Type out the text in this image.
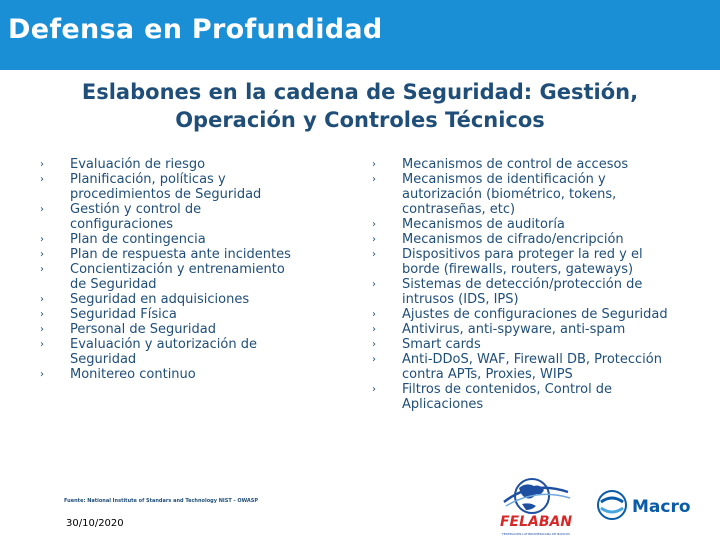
Defensa en Profundidad
Eslabones en la cadena de Seguridad: Gestión,
Operación y Controles Técnicos
›	Evaluación de riesgo
›	Planificación, políticas y procedimientos de Seguridad
›	Gestión y control de configuraciones
›	Plan de contingencia
›	Plan de respuesta ante incidentes
›	Concientización y entrenamiento de Seguridad
›	Seguridad en adquisiciones
›	Seguridad Física
›	Personal de Seguridad
›	Evaluación y autorización de Seguridad
›	Monitereo continuo
›	Mecanismos de control de accesos
›	Mecanismos de identificación y autorización (biométrico, tokens, contraseñas, etc)
›	Mecanismos de auditoría
›	Mecanismos de cifrado/encripción
›	Dispositivos para proteger la red y el borde (firewalls, routers, gateways)
›	Sistemas de detección/protección de intrusos (IDS, IPS)
›	Ajustes de configuraciones de Seguridad
›	Antivirus, anti-spyware, anti-spam
›	Smart cards
›	Anti-DDoS, WAF, Firewall DB, Protección contra APTs, Proxies, WIPS
›	Filtros de contenidos, Control de Aplicaciones
Fuente: National Institute of Standars and Technology NIST - OWASP
30/10/2020	FELABAN
FEDERACIÓN LATINOAMERICANA DE BANCOS
Macro
